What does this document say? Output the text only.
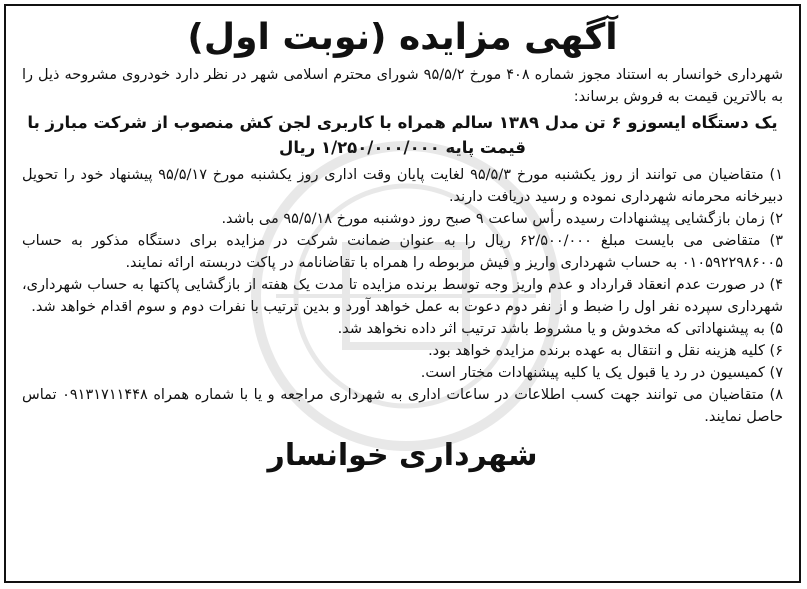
آگهی مزایده (نوبت اول)

شهرداری خوانسار به استناد مجوز شماره ۴۰۸ مورخ ۹۵/۵/۲ شورای محترم اسلامی شهر در نظر دارد خودروی مشروحه ذیل را به بالاترین قیمت به فروش برساند:

یک دستگاه ایسوزو ۶ تن مدل ۱۳۸۹ سالم همراه با کاربری لجن کش منصوب از شرکت مبارز با قیمت پایه ۱/۲۵۰/۰۰۰/۰۰۰ ریال
۱) متقاضیان می توانند از روز یکشنبه مورخ ۹۵/۵/۳ لغایت پایان وقت اداری روز یکشنبه مورخ ۹۵/۵/۱۷ پیشنهاد خود را تحویل دبیرخانه محرمانه شهرداری نموده و رسید دریافت دارند.
۲) زمان بازگشایی پیشنهادات رسیده رأس ساعت ۹ صبح روز دوشنبه مورخ ۹۵/۵/۱۸ می باشد.
۳) متقاضی می بایست مبلغ ۶۲/۵۰۰/۰۰۰ ریال را به عنوان ضمانت شرکت در مزایده برای دستگاه مذکور به حساب ۰۱۰۵۹۲۲۹۸۶۰۰۵ به حساب شهرداری واریز و فیش مربوطه را همراه با تقاضانامه در پاکت دربسته ارائه نمایند.
۴) در صورت عدم انعقاد قرارداد و عدم واریز وجه توسط برنده مزایده تا مدت یک هفته از بازگشایی پاکتها به حساب شهرداری، شهرداری سپرده نفر اول را ضبط و از نفر دوم دعوت به عمل خواهد آورد و بدین ترتیب با نفرات دوم و سوم اقدام خواهد شد.
۵) به پیشنهاداتی که مخدوش و یا مشروط باشد ترتیب اثر داده نخواهد شد.
۶) کلیه هزینه نقل و انتقال به عهده برنده مزایده خواهد بود.
۷) کمیسیون در رد یا قبول یک یا کلیه پیشنهادات مختار است.
۸) متقاضیان می توانند جهت کسب اطلاعات در ساعات اداری به شهرداری مراجعه و یا با شماره همراه ۰۹۱۳۱۷۱۱۴۴۸ تماس حاصل نمایند.
شهرداری خوانسار
